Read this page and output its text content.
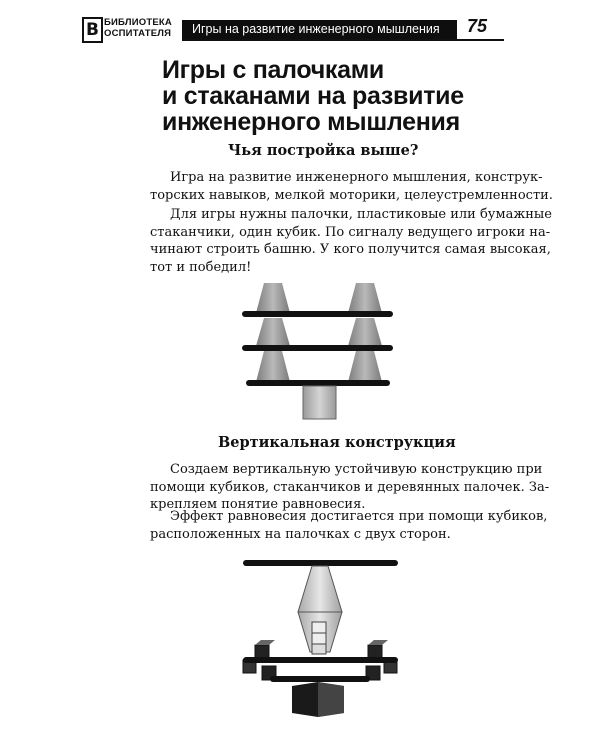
B БИБЛИОТЕКА
ОСПИТАТЕЛЯ	Игры на развитие инженерного мышления	75
Игры с палочками
и стаканами на развитие
инженерного мышления
Чья постройка выше?

Игра на развитие инженерного мышления, конструк-
торских навыков, мелкой моторики, целеустремленности.

Для игры нужны палочки, пластиковые или бумажные
стаканчики, один кубик. По сигналу ведущего игроки на-
чинают строить башню. У кого получится самая высокая,
тот и победил!

Вертикальная конструкция

Создаем вертикальную устойчивую конструкцию при
помощи кубиков, стаканчиков и деревянных палочек. За-
крепляем понятие равновесия.

Эффект равновесия достигается при помощи кубиков,
расположенных на палочках с двух сторон.
